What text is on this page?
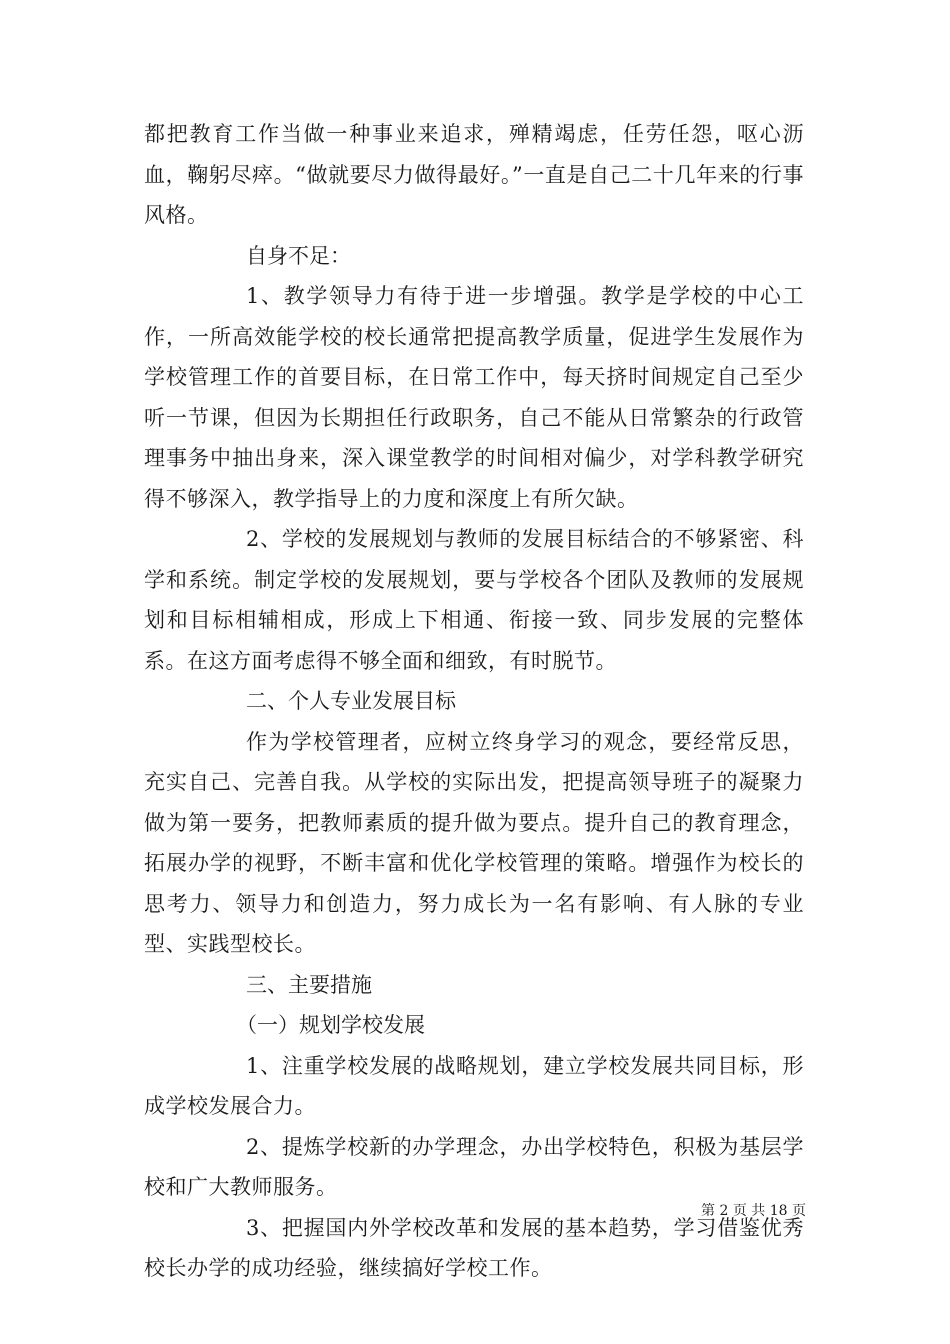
都把教育工作当做一种事业来追求，殚精竭虑，任劳任怨，呕心沥血，鞠躬尽瘁。“做就要尽力做得最好。”一直是自己二十几年来的行事风格。

自身不足：

1、教学领导力有待于进一步增强。教学是学校的中心工作，一所高效能学校的校长通常把提高教学质量，促进学生发展作为学校管理工作的首要目标，在日常工作中，每天挤时间规定自己至少听一节课，但因为长期担任行政职务，自己不能从日常繁杂的行政管理事务中抽出身来，深入课堂教学的时间相对偏少，对学科教学研究得不够深入，教学指导上的力度和深度上有所欠缺。

2、学校的发展规划与教师的发展目标结合的不够紧密、科学和系统。制定学校的发展规划，要与学校各个团队及教师的发展规划和目标相辅相成，形成上下相通、衔接一致、同步发展的完整体系。在这方面考虑得不够全面和细致，有时脱节。

二、个人专业发展目标

作为学校管理者，应树立终身学习的观念，要经常反思，充实自己、完善自我。从学校的实际出发，把提高领导班子的凝聚力做为第一要务，把教师素质的提升做为要点。提升自己的教育理念，拓展办学的视野，不断丰富和优化学校管理的策略。增强作为校长的思考力、领导力和创造力，努力成长为一名有影响、有人脉的专业型、实践型校长。

三、主要措施

（一）规划学校发展

1、注重学校发展的战略规划，建立学校发展共同目标，形成学校发展合力。

2、提炼学校新的办学理念，办出学校特色，积极为基层学校和广大教师服务。

3、把握国内外学校改革和发展的基本趋势，学习借鉴优秀校长办学的成功经验，继续搞好学校工作。

第 2 页 共 18 页
